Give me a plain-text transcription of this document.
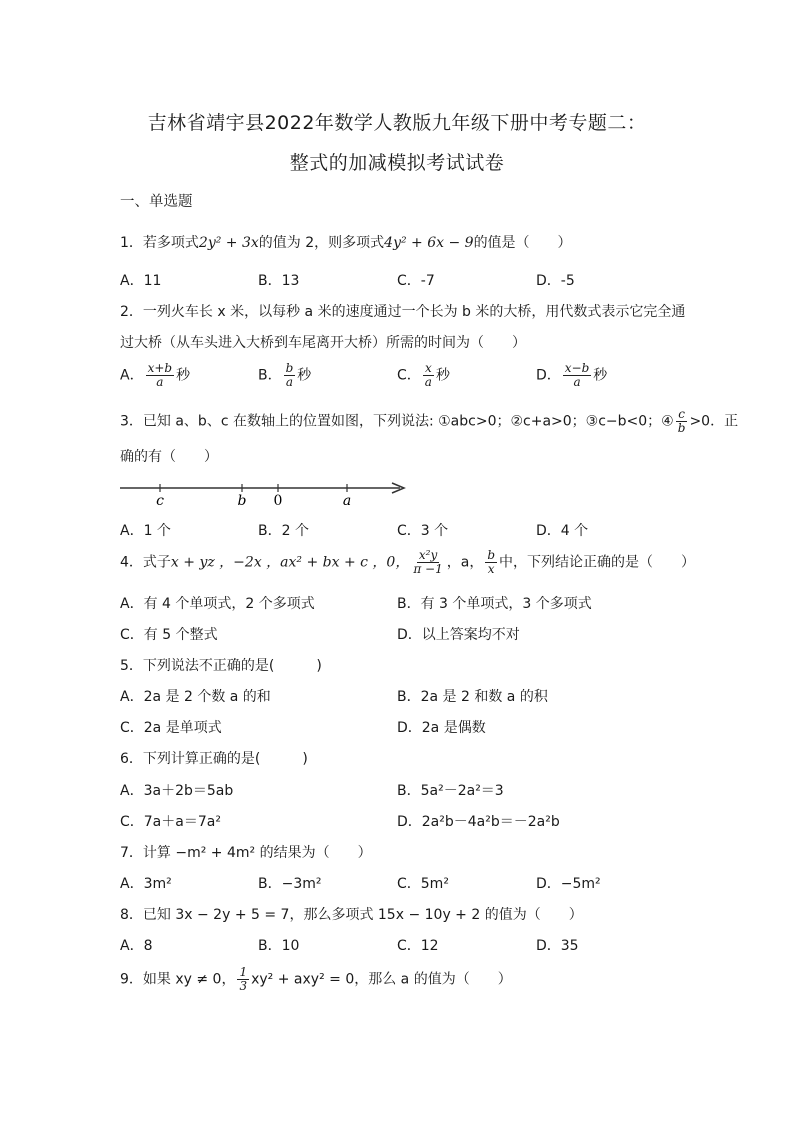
吉林省靖宇县2022年数学人教版九年级下册中考专题二：
整式的加减模拟考试试卷
一、单选题
1．若多项式2y² + 3x的值为 2，则多项式4y² + 6x − 9的值是（　　）
A．11	B．13	C．-7	D．-5
2．一列火车长 x 米，以每秒 a 米的速度通过一个长为 b 米的大桥，用代数式表示它完全通
过大桥（从车头进入大桥到车尾离开大桥）所需的时间为（　　）
A． $\frac{x+b}{a}$ 秒	B． $\frac{b}{a}$ 秒	C． $\frac{x}{a}$ 秒	D． $\frac{x-b}{a}$ 秒
3．已知 a、b、c 在数轴上的位置如图，下列说法: ①abc>0；②c+a>0；③c−b<0；④ $\frac{c}{b} >0$．正
确的有（　　）
c	b 0	a
A．1 个	B．2 个	C．3 个	D．4 个
4．式子x + yz ，−2x ，ax² + bx + c ，0， $\frac{\text{x²y}}{\pi -1}$ ，a， $\frac{b}{x}$ 中，下列结论正确的是（　　）
A．有 4 个单项式，2 个多项式	B．有 3 个单项式，3 个多项式
C．有 5 个整式	D．以上答案均不对
5．下列说法不正确的是(　　　)
A．2a 是 2 个数 a 的和	B．2a 是 2 和数 a 的积
C．2a 是单项式	D．2a 是偶数
6．下列计算正确的是(　　　)
A．3a＋2b＝5ab	B．5a²－2a²＝3
C．7a＋a＝7a²	D．2a²b－4a²b＝－2a²b
7．计算 −m² + 4m² 的结果为（　　）
A．3m²	B．−3m²	C．5m²	D．−5m²
8．已知 3x − 2y + 5 = 7，那么多项式 15x − 10y + 2 的值为（　　）
A．8	B．10	C．12	D．35
9．如果 xy ≠ 0， $\frac{1}{3} xy^2 + axy^2 = 0$，那么 a 的值为（　　）
